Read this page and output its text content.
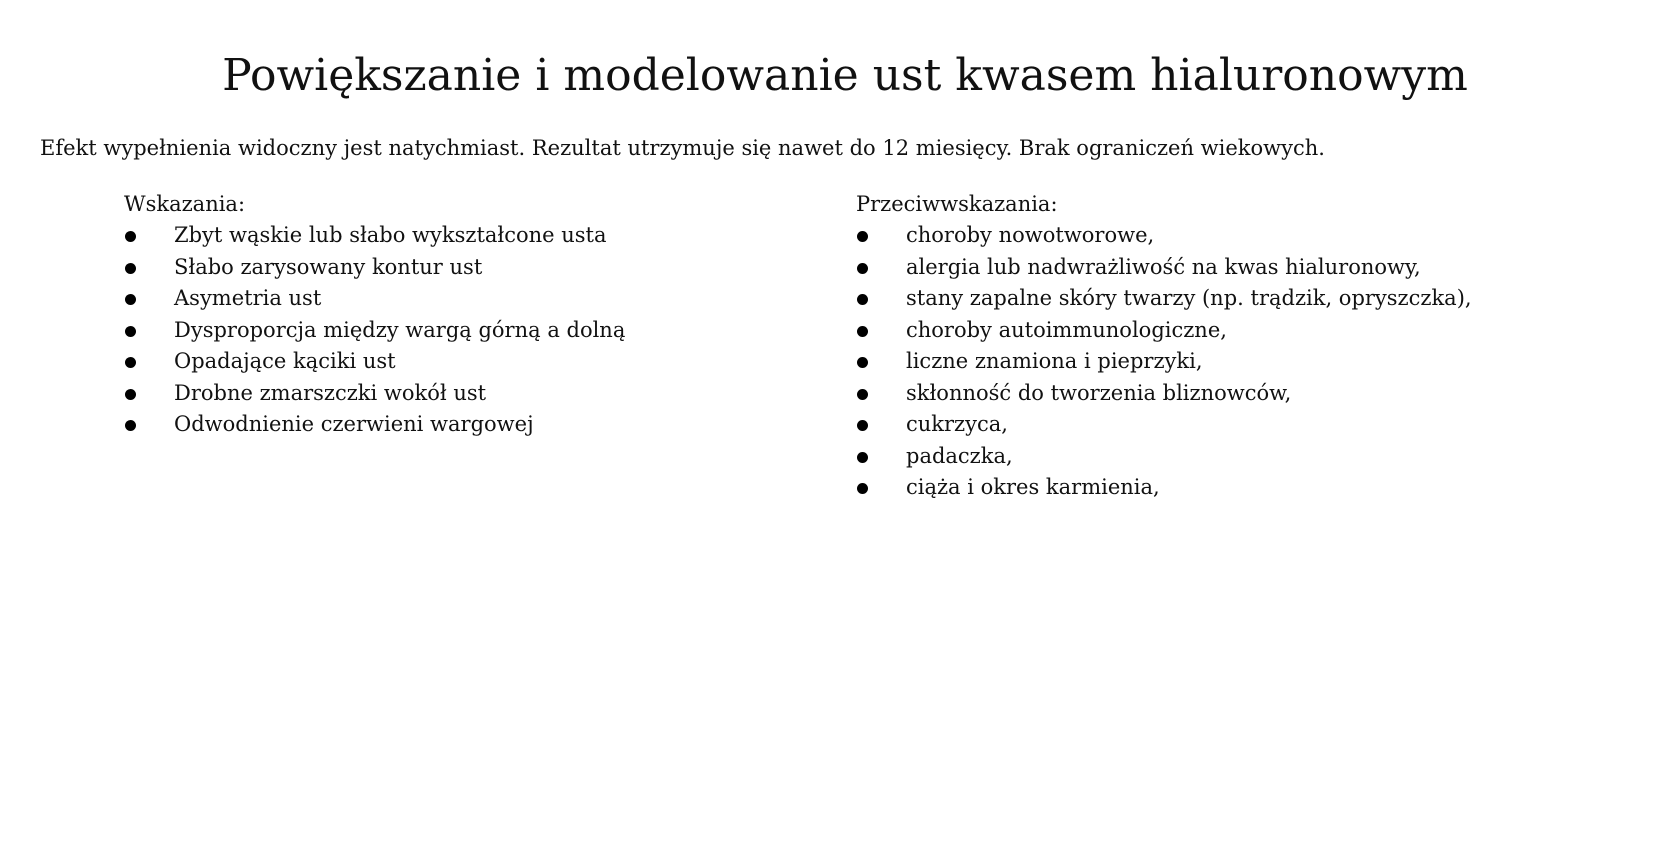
Powiększanie i modelowanie ust kwasem hialuronowym

Efekt wypełnienia widoczny jest natychmiast. Rezultat utrzymuje się nawet do 12 miesięcy. Brak ograniczeń wiekowych.

Wskazania:

Zbyt wąskie lub słabo wykształcone usta
Słabo zarysowany kontur ust
Asymetria ust
Dysproporcja między wargą górną a dolną
Opadające kąciki ust
Drobne zmarszczki wokół ust
Odwodnienie czerwieni wargowej

Przeciwwskazania:

choroby nowotworowe,
alergia lub nadwrażliwość na kwas hialuronowy,
stany zapalne skóry twarzy (np. trądzik, opryszczka),
choroby autoimmunologiczne,
liczne znamiona i pieprzyki,
skłonność do tworzenia bliznowców,
cukrzyca,
padaczka,
ciąża i okres karmienia,
